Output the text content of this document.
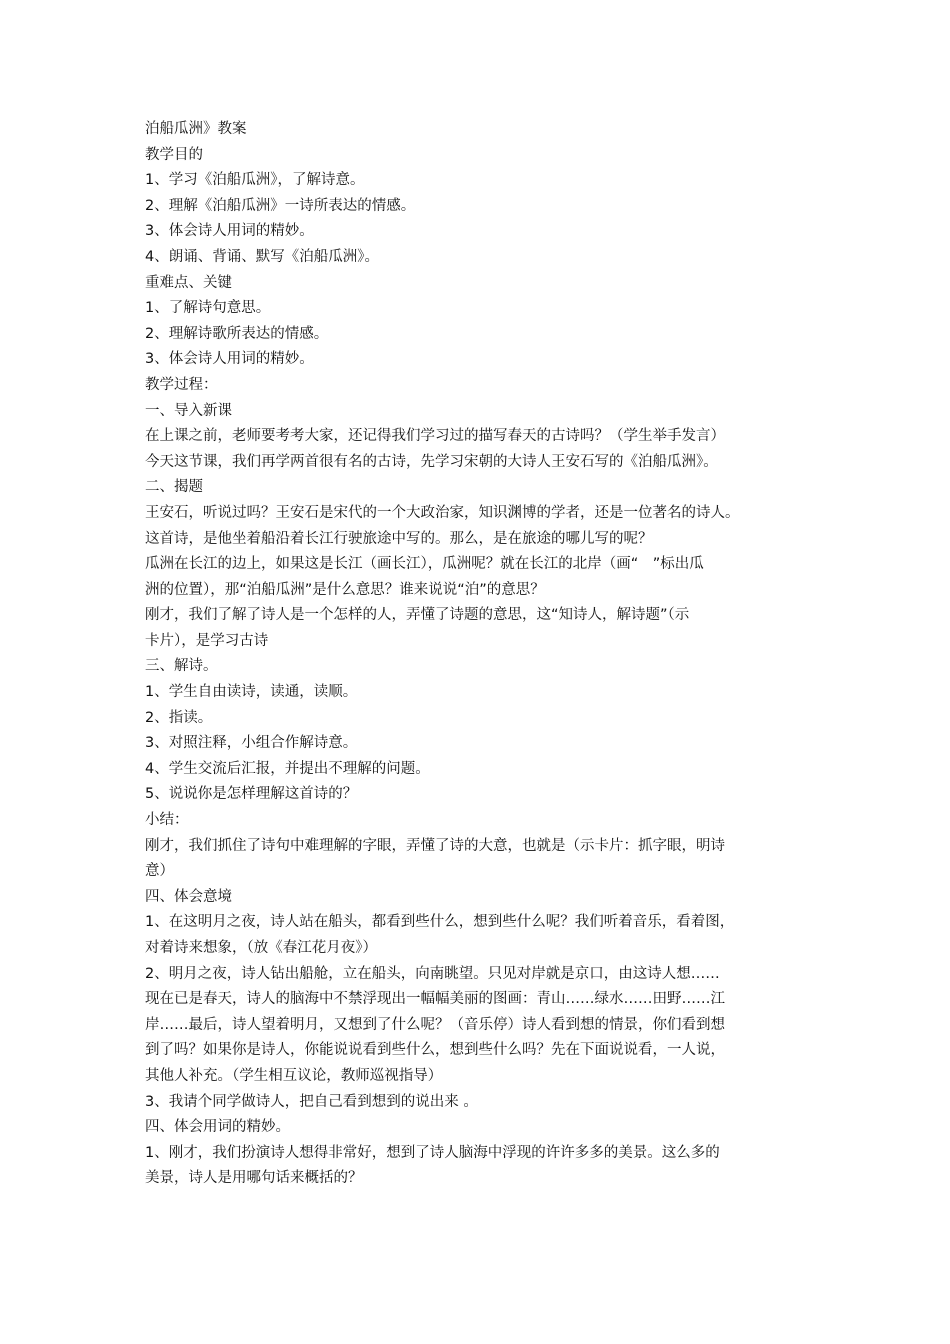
泊船瓜洲》教案
教学目的
1、学习《泊船瓜洲》，了解诗意。
2、理解《泊船瓜洲》一诗所表达的情感。
3、体会诗人用词的精妙。
4、朗诵、背诵、默写《泊船瓜洲》。
重难点、关键
1、了解诗句意思。
2、理解诗歌所表达的情感。
3、体会诗人用词的精妙。
教学过程：
一、导入新课
在上课之前，老师要考考大家，还记得我们学习过的描写春天的古诗吗？（学生举手发言）
今天这节课，我们再学两首很有名的古诗，先学习宋朝的大诗人王安石写的《泊船瓜洲》。
二、揭题
王安石，听说过吗？王安石是宋代的一个大政治家，知识渊博的学者，还是一位著名的诗人。
这首诗，是他坐着船沿着长江行驶旅途中写的。那么，是在旅途的哪儿写的呢？
瓜洲在长江的边上，如果这是长江（画长江），瓜洲呢？就在长江的北岸（画“　”标出瓜
洲的位置），那“泊船瓜洲”是什么意思？谁来说说“泊”的意思？
刚才，我们了解了诗人是一个怎样的人，弄懂了诗题的意思，这“知诗人，解诗题”（示
卡片），是学习古诗
三、解诗。
1、学生自由读诗，读通，读顺。
2、指读。
3、对照注释，小组合作解诗意。
4、学生交流后汇报，并提出不理解的问题。
5、说说你是怎样理解这首诗的？
小结：
刚才，我们抓住了诗句中难理解的字眼，弄懂了诗的大意，也就是（示卡片：抓字眼，明诗
意）
四、体会意境
1、在这明月之夜，诗人站在船头，都看到些什么，想到些什么呢？我们听着音乐，看着图，
对着诗来想象，（放《春江花月夜》）
2、明月之夜，诗人钻出船舱，立在船头，向南眺望。只见对岸就是京口，由这诗人想……
现在已是春天，诗人的脑海中不禁浮现出一幅幅美丽的图画：青山……绿水……田野……江
岸……最后，诗人望着明月，又想到了什么呢？（音乐停）诗人看到想的情景，你们看到想
到了吗？如果你是诗人，你能说说看到些什么，想到些什么吗？先在下面说说看，一人说，
其他人补充。（学生相互议论，教师巡视指导）
3、我请个同学做诗人，把自己看到想到的说出来 。
四、体会用词的精妙。
1、刚才，我们扮演诗人想得非常好，想到了诗人脑海中浮现的许许多多的美景。这么多的
美景，诗人是用哪句话来概括的？
